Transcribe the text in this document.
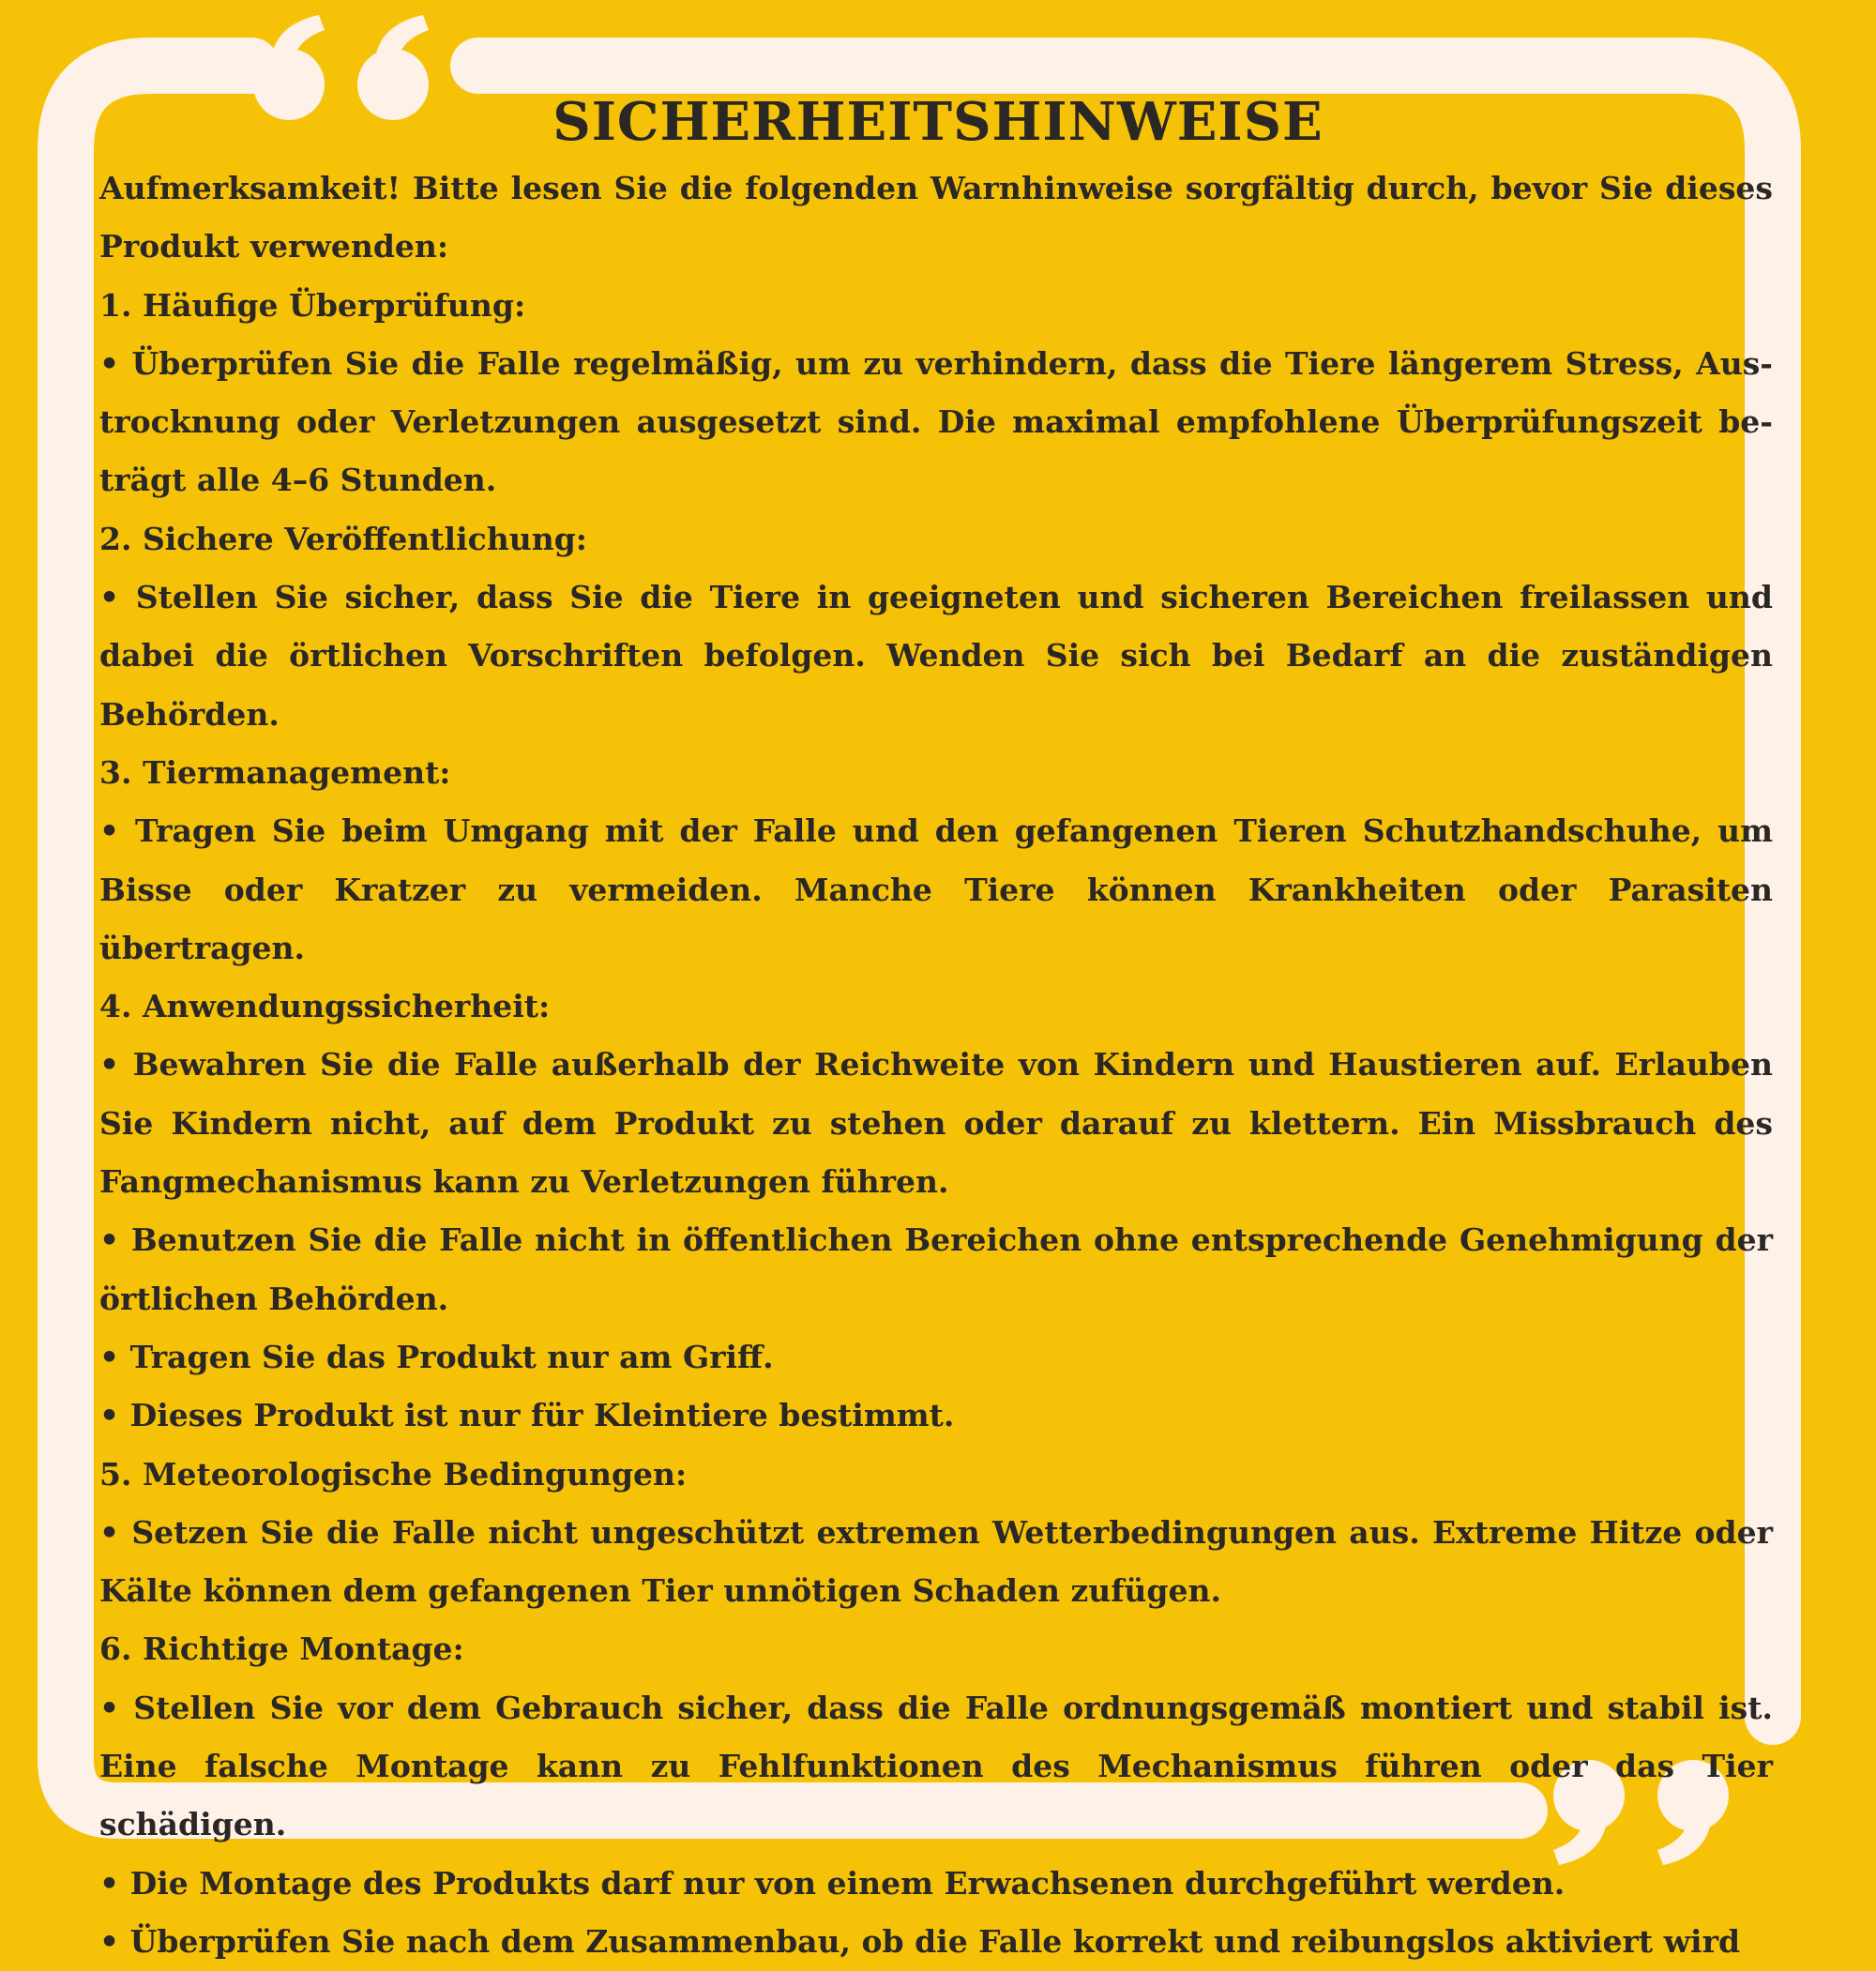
SICHERHEITSHINWEISE

Aufmerksamkeit! Bitte lesen Sie die folgenden Warnhinweise sorgfältig durch, bevor Sie dieses Produkt verwenden:

1. Häufige Überprüfung:

• Überprüfen Sie die Falle regelmäßig, um zu verhindern, dass die Tiere längerem Stress, Austrocknung oder Verletzungen ausgesetzt sind. Die maximal empfohlene Überprüfungszeit beträgt alle 4–6 Stunden.

2. Sichere Veröffentlichung:

• Stellen Sie sicher, dass Sie die Tiere in geeigneten und sicheren Bereichen freilassen und dabei die örtlichen Vorschriften befolgen. Wenden Sie sich bei Bedarf an die zuständigen Behörden.

3. Tiermanagement:

• Tragen Sie beim Umgang mit der Falle und den gefangenen Tieren Schutzhandschuhe, um Bisse oder Kratzer zu vermeiden. Manche Tiere können Krankheiten oder Parasiten übertragen.

4. Anwendungssicherheit:

• Bewahren Sie die Falle außerhalb der Reichweite von Kindern und Haustieren auf. Erlauben Sie Kindern nicht, auf dem Produkt zu stehen oder darauf zu klettern. Ein Missbrauch des Fangmechanismus kann zu Verletzungen führen.

• Benutzen Sie die Falle nicht in öffentlichen Bereichen ohne entsprechende Genehmigung der örtlichen Behörden.

• Tragen Sie das Produkt nur am Griff.

• Dieses Produkt ist nur für Kleintiere bestimmt.

5. Meteorologische Bedingungen:

• Setzen Sie die Falle nicht ungeschützt extremen Wetterbedingungen aus. Extreme Hitze oder Kälte können dem gefangenen Tier unnötigen Schaden zufügen.

6. Richtige Montage:

• Stellen Sie vor dem Gebrauch sicher, dass die Falle ordnungsgemäß montiert und stabil ist. Eine falsche Montage kann zu Fehlfunktionen des Mechanismus führen oder das Tier schädigen.

• Die Montage des Produkts darf nur von einem Erwachsenen durchgeführt werden.

• Überprüfen Sie nach dem Zusammenbau, ob die Falle korrekt und reibungslos aktiviert wird
